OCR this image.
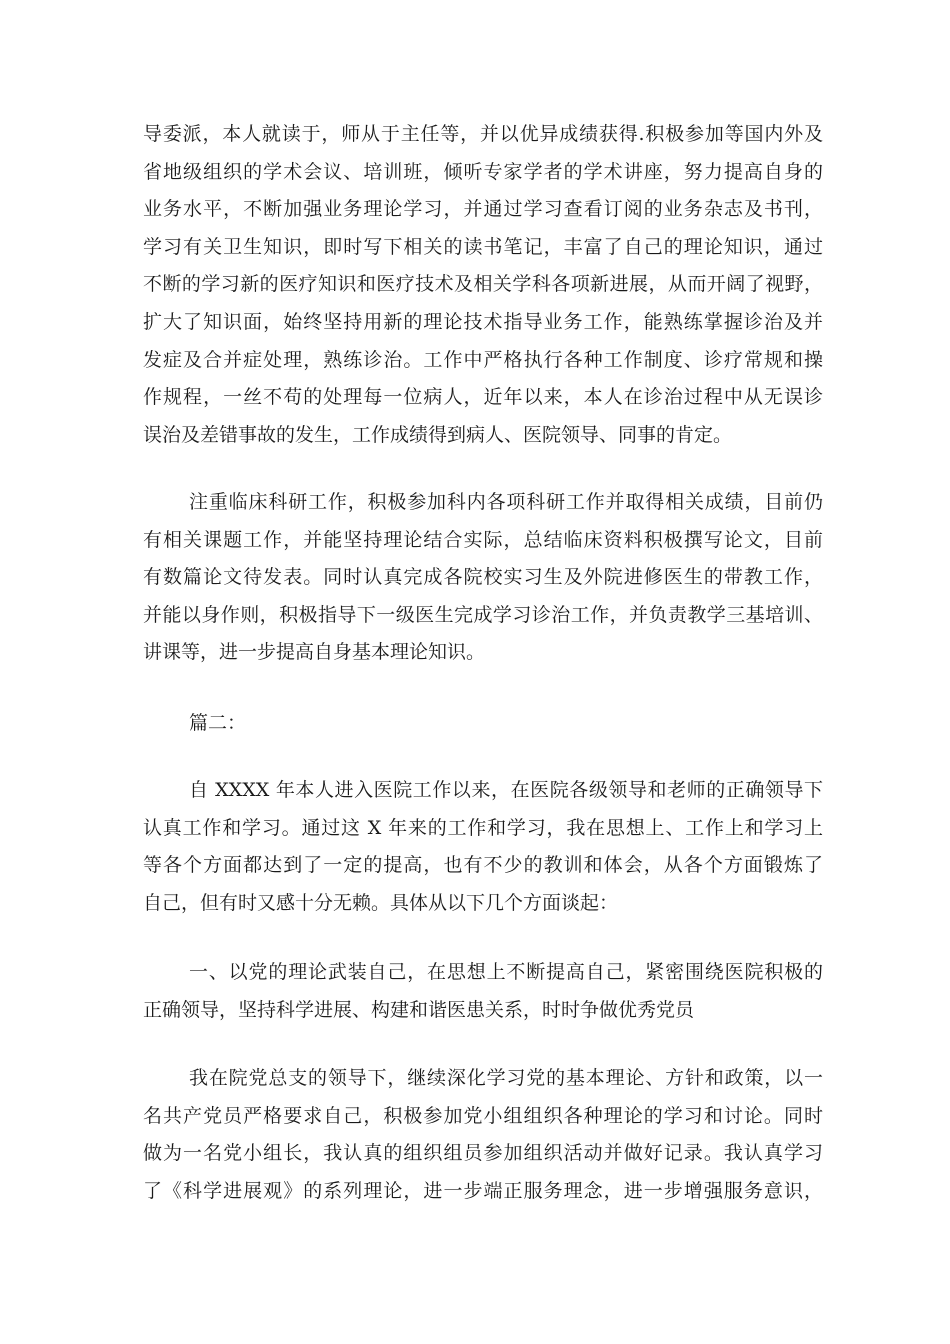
导委派，本人就读于，师从于主任等，并以优异成绩获得.积极参加等国内外及
省地级组织的学术会议、培训班，倾听专家学者的学术讲座，努力提高自身的
业务水平，不断加强业务理论学习，并通过学习查看订阅的业务杂志及书刊，
学习有关卫生知识，即时写下相关的读书笔记，丰富了自己的理论知识，通过
不断的学习新的医疗知识和医疗技术及相关学科各项新进展，从而开阔了视野，
扩大了知识面，始终坚持用新的理论技术指导业务工作，能熟练掌握诊治及并
发症及合并症处理，熟练诊治。工作中严格执行各种工作制度、诊疗常规和操
作规程，一丝不苟的处理每一位病人，近年以来，本人在诊治过程中从无误诊
误治及差错事故的发生，工作成绩得到病人、医院领导、同事的肯定。
注重临床科研工作，积极参加科内各项科研工作并取得相关成绩，目前仍
有相关课题工作，并能坚持理论结合实际，总结临床资料积极撰写论文，目前
有数篇论文待发表。同时认真完成各院校实习生及外院进修医生的带教工作，
并能以身作则，积极指导下一级医生完成学习诊治工作，并负责教学三基培训、
讲课等，进一步提高自身基本理论知识。
篇二：
自 XXXX 年本人进入医院工作以来，在医院各级领导和老师的正确领导下
认真工作和学习。通过这 X 年来的工作和学习，我在思想上、工作上和学习上
等各个方面都达到了一定的提高，也有不少的教训和体会，从各个方面锻炼了
自己，但有时又感十分无赖。具体从以下几个方面谈起：
一、以党的理论武装自己，在思想上不断提高自己，紧密围绕医院积极的
正确领导，坚持科学进展、构建和谐医患关系，时时争做优秀党员
我在院党总支的领导下，继续深化学习党的基本理论、方针和政策，以一
名共产党员严格要求自己，积极参加党小组组织各种理论的学习和讨论。同时
做为一名党小组长，我认真的组织组员参加组织活动并做好记录。我认真学习
了《科学进展观》的系列理论，进一步端正服务理念，进一步增强服务意识，
